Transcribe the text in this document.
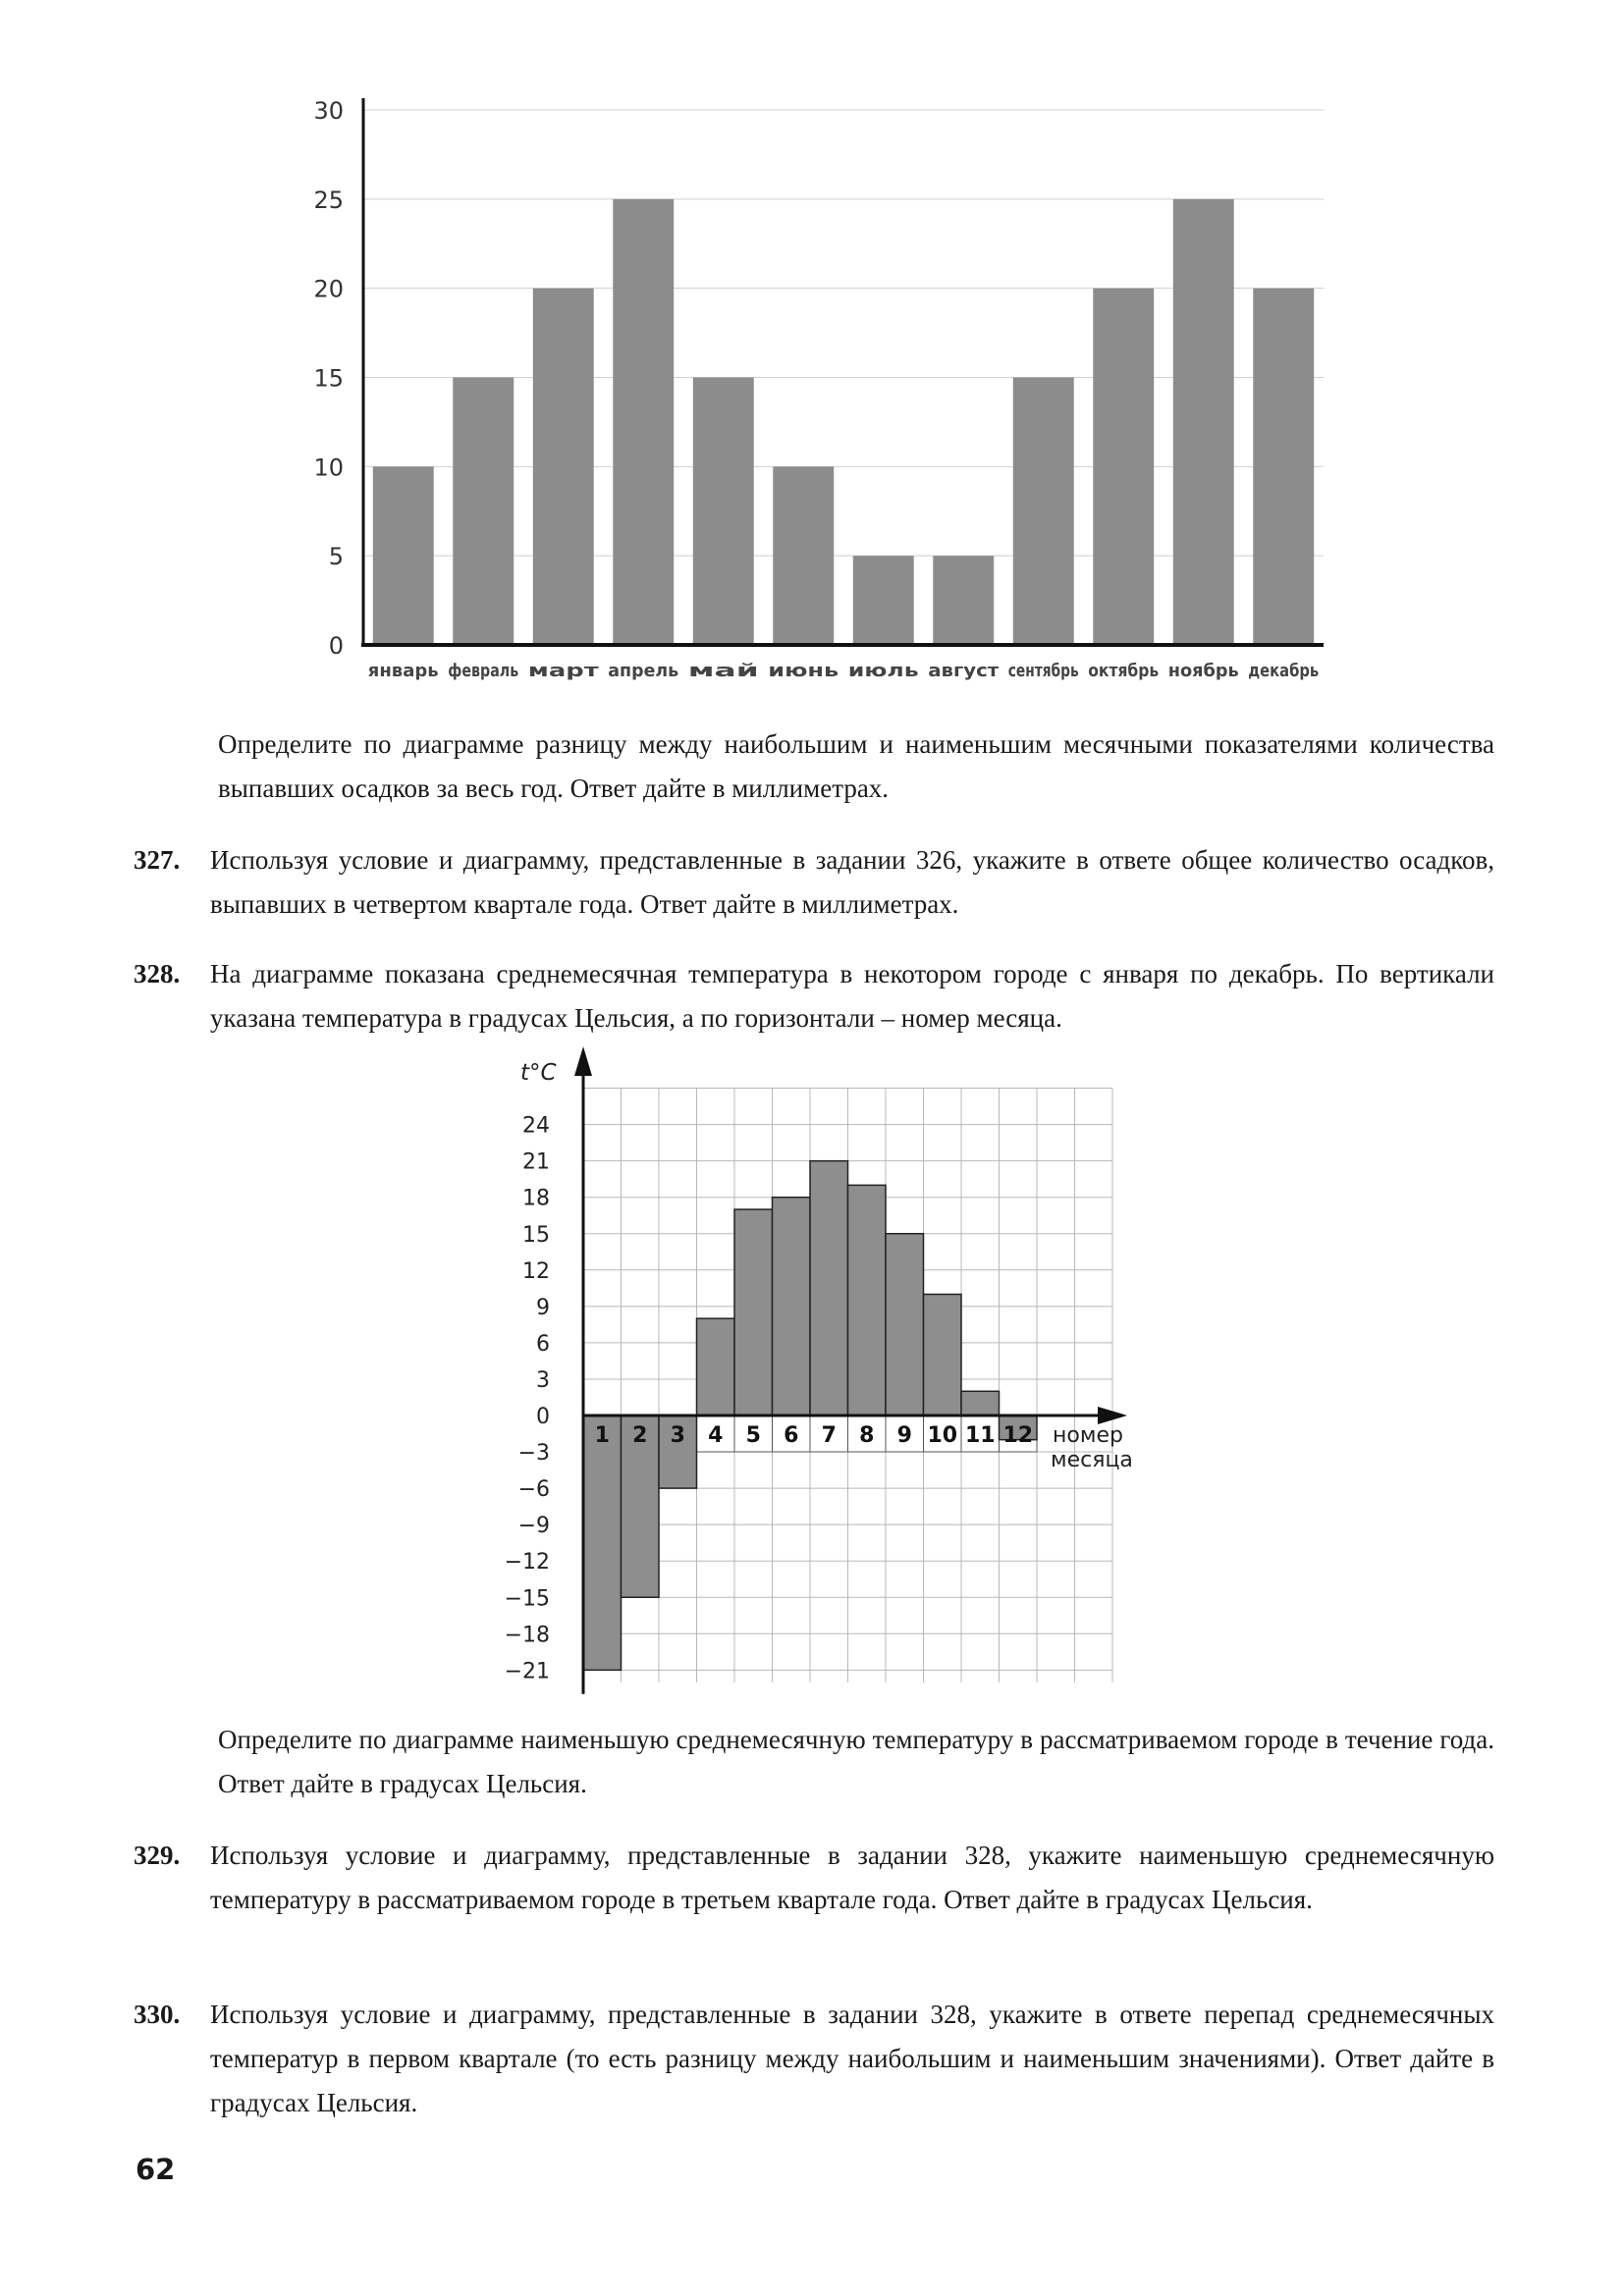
0
5
10
15
20
25
30
январь февраль март апрель май июнь июль август сентябрь октябрь ноябрь декабрь

Определите по диаграмме разницу между наибольшим и наименьшим месячными показателями количества выпавших осадков за весь год. Ответ дайте в миллиметрах.

327. Используя условие и диаграмму, представленные в задании 326, укажите в ответе общее количество осадков, выпавших в четвертом квартале года. Ответ дайте в миллиметрах.
328. На диаграмме показана среднемесячная температура в некотором городе с января по декабрь. По вертикали указана температура в градусах Цельсия, а по горизонтали – номер месяца.
1 2 3 4 5 6 7 8 9 10 11 12
24
21
18
15
12
9
6
3
0
−3
−6
−9
−12
−15
−18
−21
t°C
номер
месяца

Определите по диаграмме наименьшую среднемесячную температуру в рассматриваемом городе в течение года. Ответ дайте в градусах Цельсия.

329. Используя условие и диаграмму, представленные в задании 328, укажите наименьшую среднемесячную температуру в рассматриваемом городе в третьем квартале года. Ответ дайте в градусах Цельсия.
330. Используя условие и диаграмму, представленные в задании 328, укажите в ответе перепад среднемесячных температур в первом квартале (то есть разницу между наибольшим и наименьшим значениями). Ответ дайте в градусах Цельсия.
62
